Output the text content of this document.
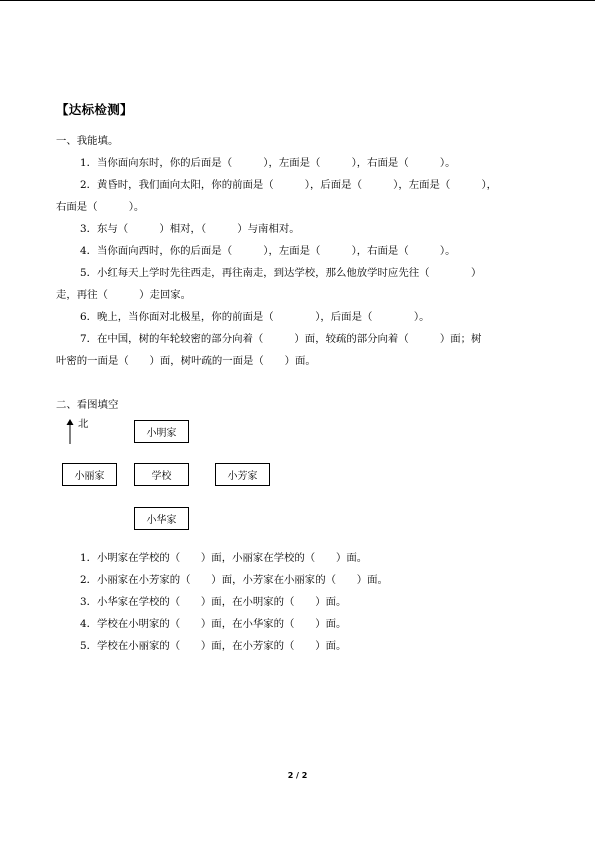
【达标检测】
一、我能填。
1．当你面向东时，你的后面是（　　　），左面是（　　　），右面是（　　　）。
2．黄昏时，我们面向太阳，你的前面是（　　　），后面是（　　　），左面是（　　　），
右面是（　　　）。
3．东与（　　　）相对，（　　　）与南相对。
4．当你面向西时，你的后面是（　　　），左面是（　　　），右面是（　　　）。
5．小红每天上学时先往西走，再往南走，到达学校，那么他放学时应先往（　　　　）
走，再往（　　　）走回家。
6．晚上，当你面对北极星，你的前面是（　　　　），后面是（　　　　）。
7．在中国，树的年轮较密的部分向着（　　　）面，较疏的部分向着（　　　）面；树
叶密的一面是（　　）面，树叶疏的一面是（　　）面。
二、看图填空
北
小明家
小丽家	学校	小芳家
小华家
1．小明家在学校的（　　）面，小丽家在学校的（　　）面。
2．小丽家在小芳家的（　　）面，小芳家在小丽家的（　　）面。
3．小华家在学校的（　　）面，在小明家的（　　）面。
4．学校在小明家的（　　）面，在小华家的（　　）面。
5．学校在小丽家的（　　）面，在小芳家的（　　）面。
2 / 2
